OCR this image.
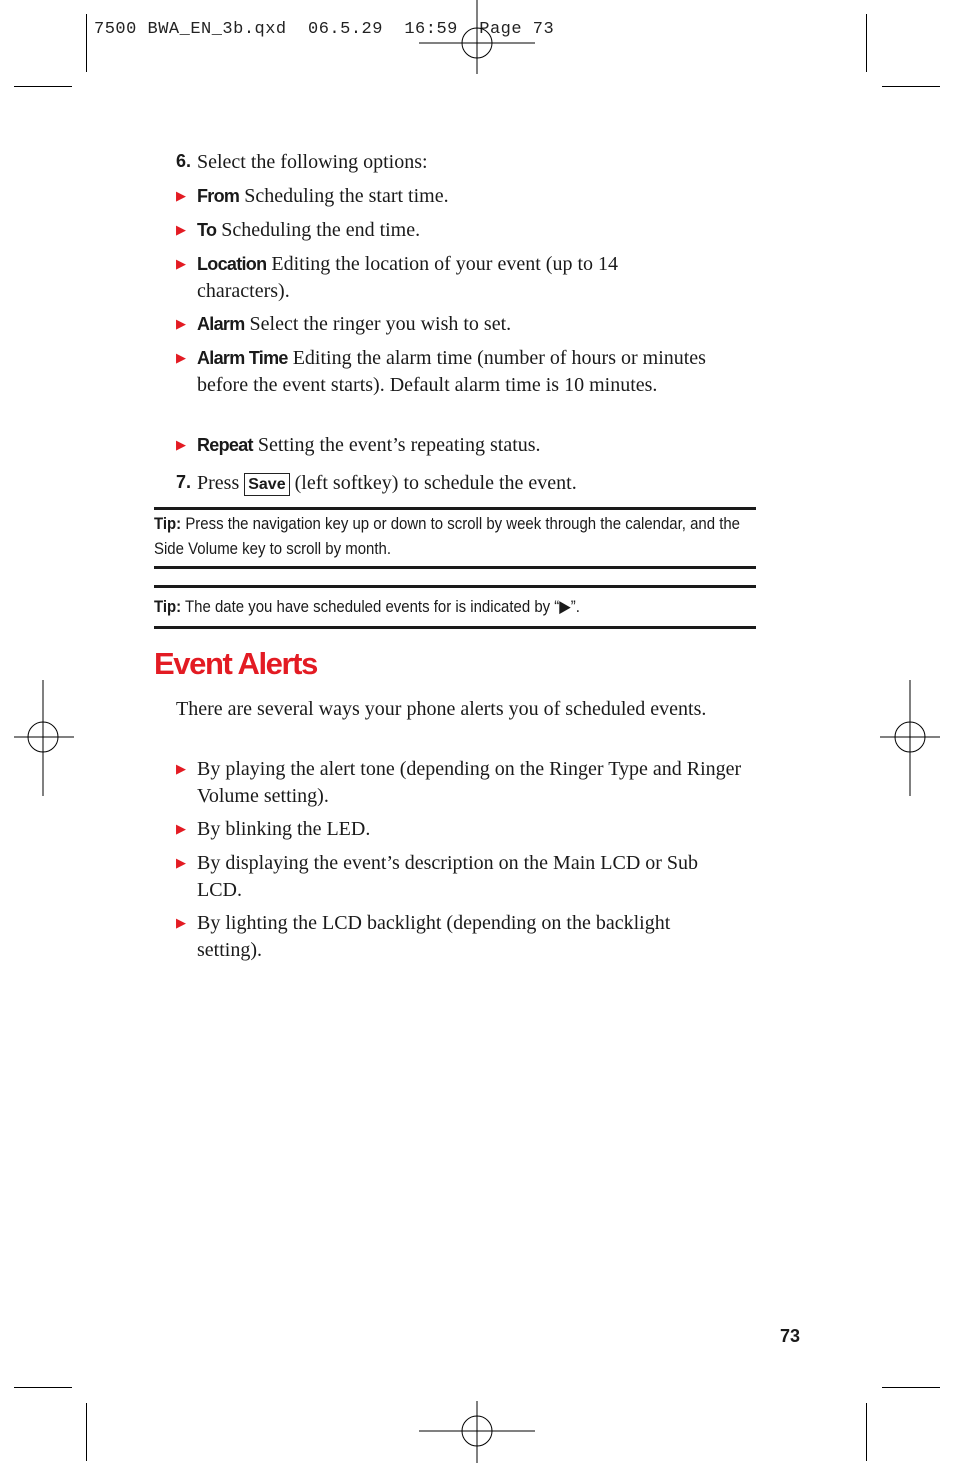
7500 BWA_EN_3b.qxd  06.5.29  16:59  Page 73
6. Select the following options:
▶ From Scheduling the start time.
▶ To Scheduling the end time.
▶ Location Editing the location of your event (up to 14 characters).
▶ Alarm Select the ringer you wish to set.
▶ Alarm Time Editing the alarm time (number of hours or minutes before the event starts). Default alarm time is 10 minutes.
▶ Repeat Setting the event’s repeating status.
7. Press Save (left softkey) to schedule the event.
Tip: Press the navigation key up or down to scroll by week through the calendar, and the Side Volume key to scroll by month.
Tip: The date you have scheduled events for is indicated by “▶”.
Event Alerts
There are several ways your phone alerts you of scheduled events.
▶ By playing the alert tone (depending on the Ringer Type and Ringer Volume setting).
▶ By blinking the LED.
▶ By displaying the event’s description on the Main LCD or Sub LCD.
▶ By lighting the LCD backlight (depending on the backlight setting).
73
